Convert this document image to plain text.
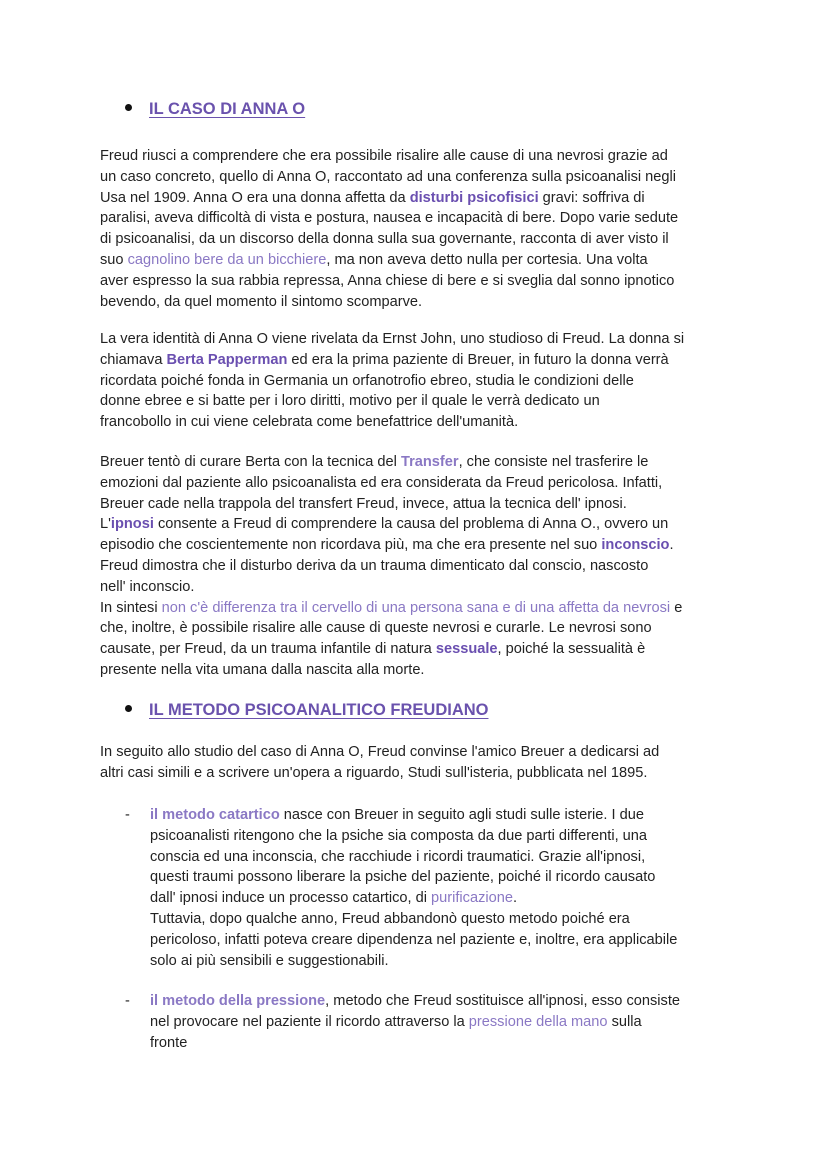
IL CASO DI ANNA O
Freud riusci a comprendere che era possibile risalire alle cause di una nevrosi grazie ad
un caso concreto, quello di Anna O, raccontato ad una conferenza sulla psicoanalisi negli
Usa nel 1909. Anna O era una donna affetta da disturbi psicofisici gravi: soffriva di
paralisi, aveva difficoltà di vista e postura, nausea e incapacità di bere. Dopo varie sedute
di psicoanalisi, da un discorso della donna sulla sua governante, racconta di aver visto il
suo cagnolino bere da un bicchiere, ma non aveva detto nulla per cortesia. Una volta
aver espresso la sua rabbia repressa, Anna chiese di bere e si sveglia dal sonno ipnotico
bevendo, da quel momento il sintomo scomparve.
La vera identità di Anna O viene rivelata da Ernst John, uno studioso di Freud. La donna si
chiamava Berta Papperman ed era la prima paziente di Breuer, in futuro la donna verrà
ricordata poiché fonda in Germania un orfanotrofio ebreo, studia le condizioni delle
donne ebree e si batte per i loro diritti, motivo per il quale le verrà dedicato un
francobollo in cui viene celebrata come benefattrice dell'umanità.
Breuer tentò di curare Berta con la tecnica del Transfer, che consiste nel trasferire le
emozioni dal paziente allo psicoanalista ed era considerata da Freud pericolosa. Infatti,
Breuer cade nella trappola del transfert Freud, invece, attua la tecnica dell' ipnosi.
L'ipnosi consente a Freud di comprendere la causa del problema di Anna O., ovvero un
episodio che coscientemente non ricordava più, ma che era presente nel suo inconscio.
Freud dimostra che il disturbo deriva da un trauma dimenticato dal conscio, nascosto
nell' inconscio.
In sintesi non c'è differenza tra il cervello di una persona sana e di una affetta da nevrosi e
che, inoltre, è possibile risalire alle cause di queste nevrosi e curarle. Le nevrosi sono
causate, per Freud, da un trauma infantile di natura sessuale, poiché la sessualità è
presente nella vita umana dalla nascita alla morte.
IL METODO PSICOANALITICO FREUDIANO
In seguito allo studio del caso di Anna O, Freud convinse l'amico Breuer a dedicarsi ad
altri casi simili e a scrivere un'opera a riguardo, Studi sull'isteria, pubblicata nel 1895.
- il metodo catartico nasce con Breuer in seguito agli studi sulle isterie. I due
psicoanalisti ritengono che la psiche sia composta da due parti differenti, una
conscia ed una inconscia, che racchiude i ricordi traumatici. Grazie all'ipnosi,
questi traumi possono liberare la psiche del paziente, poiché il ricordo causato
dall' ipnosi induce un processo catartico, di purificazione.
Tuttavia, dopo qualche anno, Freud abbandonò questo metodo poiché era
pericoloso, infatti poteva creare dipendenza nel paziente e, inoltre, era applicabile
solo ai più sensibili e suggestionabili.
- il metodo della pressione, metodo che Freud sostituisce all'ipnosi, esso consiste
nel provocare nel paziente il ricordo attraverso la pressione della mano sulla
fronte
